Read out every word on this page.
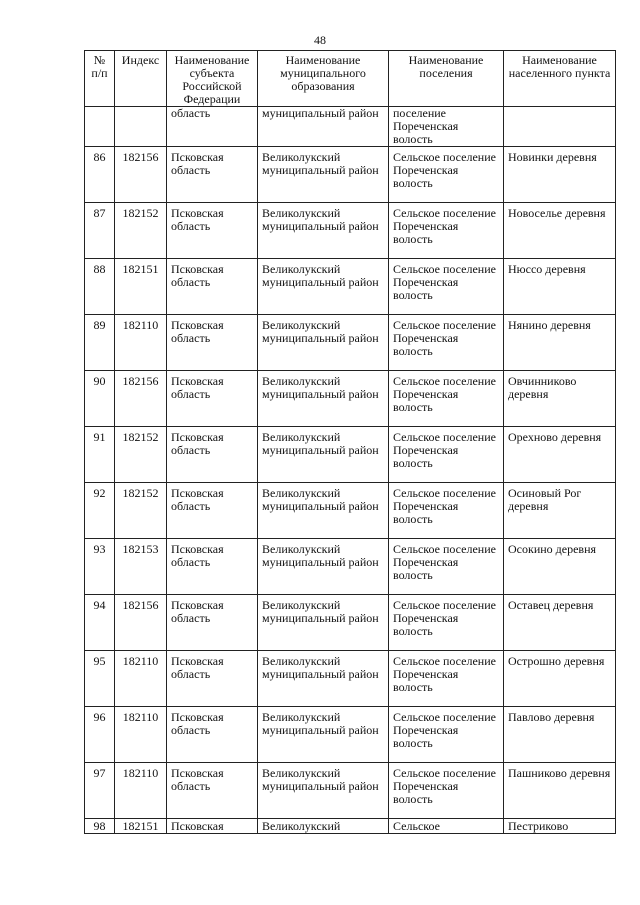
48
№ п/п	Индекс	Наименование субъекта Российской Федерации	Наименование муниципального образования	Наименование поселения	Наименование населенного пункта
		область	муниципальный район	поселение Пореченская волость	
86	182156	Псковская область	Великолукский муниципальный район	Сельское поселение Пореченская волость	Новинки деревня
87	182152	Псковская область	Великолукский муниципальный район	Сельское поселение Пореченская волость	Новоселье деревня
88	182151	Псковская область	Великолукский муниципальный район	Сельское поселение Пореченская волость	Нюссо деревня
89	182110	Псковская область	Великолукский муниципальный район	Сельское поселение Пореченская волость	Нянино деревня
90	182156	Псковская область	Великолукский муниципальный район	Сельское поселение Пореченская волость	Овчинниково деревня
91	182152	Псковская область	Великолукский муниципальный район	Сельское поселение Пореченская волость	Орехново деревня
92	182152	Псковская область	Великолукский муниципальный район	Сельское поселение Пореченская волость	Осиновый Рог деревня
93	182153	Псковская область	Великолукский муниципальный район	Сельское поселение Пореченская волость	Осокино деревня
94	182156	Псковская область	Великолукский муниципальный район	Сельское поселение Пореченская волость	Оставец деревня
95	182110	Псковская область	Великолукский муниципальный район	Сельское поселение Пореченская волость	Острошно деревня
96	182110	Псковская область	Великолукский муниципальный район	Сельское поселение Пореченская волость	Павлово деревня
97	182110	Псковская область	Великолукский муниципальный район	Сельское поселение Пореченская волость	Пашниково деревня
98	182151	Псковская	Великолукский	Сельское	Пестриково
